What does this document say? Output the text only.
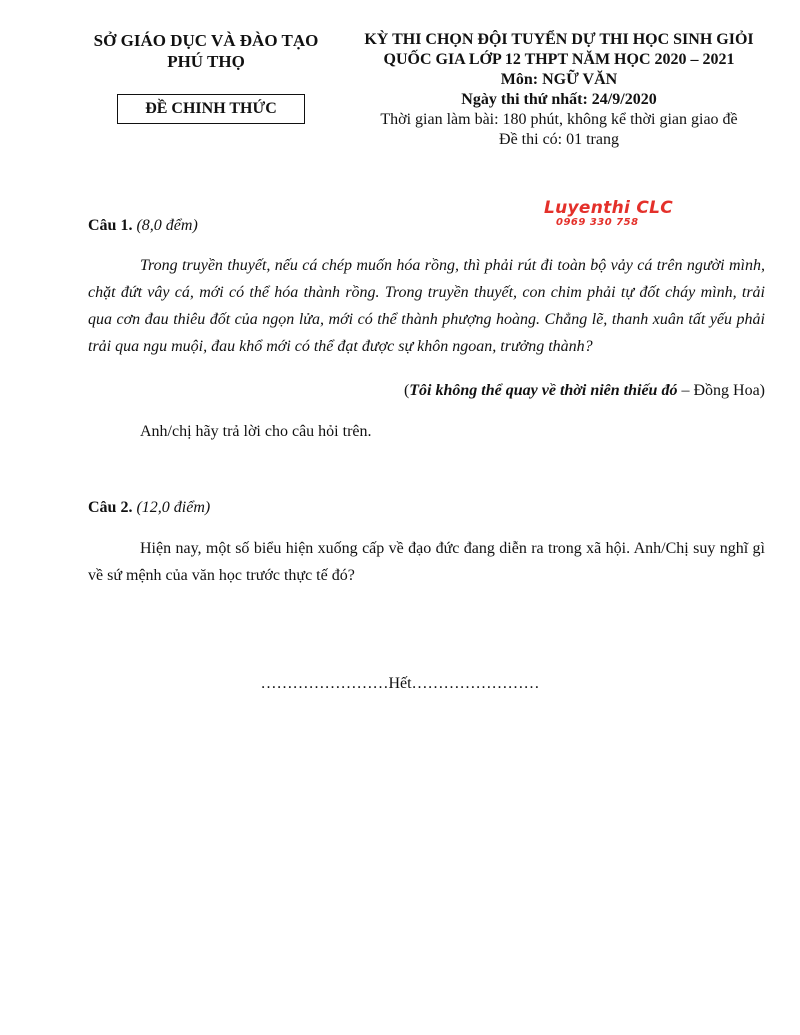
SỞ GIÁO DỤC VÀ ĐÀO TẠO
PHÚ THỌ
ĐỀ CHINH THỨC
KỲ THI CHỌN ĐỘI TUYỂN DỰ THI HỌC SINH GIỎI
QUỐC GIA LỚP 12 THPT NĂM HỌC 2020 – 2021
Môn: NGỮ VĂN
Ngày thi thứ nhất: 24/9/2020
Thời gian làm bài: 180 phút, không kể thời gian giao đề
Đề thi có: 01 trang
Luyenthi CLC
0969 330 758
Câu 1. (8,0 đểm)
Trong truyền thuyết, nếu cá chép muốn hóa rồng, thì phải rút đi toàn bộ vảy cá trên người mình, chặt đứt vây cá, mới có thể hóa thành rồng. Trong truyền thuyết, con chim phải tự đốt cháy mình, trải qua cơn đau thiêu đốt của ngọn lửa, mới có thể thành phượng hoàng. Chẳng lẽ, thanh xuân tất yếu phải trải qua ngu muội, đau khổ mới có thể đạt được sự khôn ngoan, trưởng thành?
(Tôi không thể quay về thời niên thiếu đó – Đồng Hoa)
Anh/chị hãy trả lời cho câu hỏi trên.
Câu 2. (12,0 điểm)
Hiện nay, một số biểu hiện xuống cấp về đạo đức đang diễn ra trong xã hội. Anh/Chị suy nghĩ gì về sứ mệnh của văn học trước thực tế đó?
……………………Hết……………………
